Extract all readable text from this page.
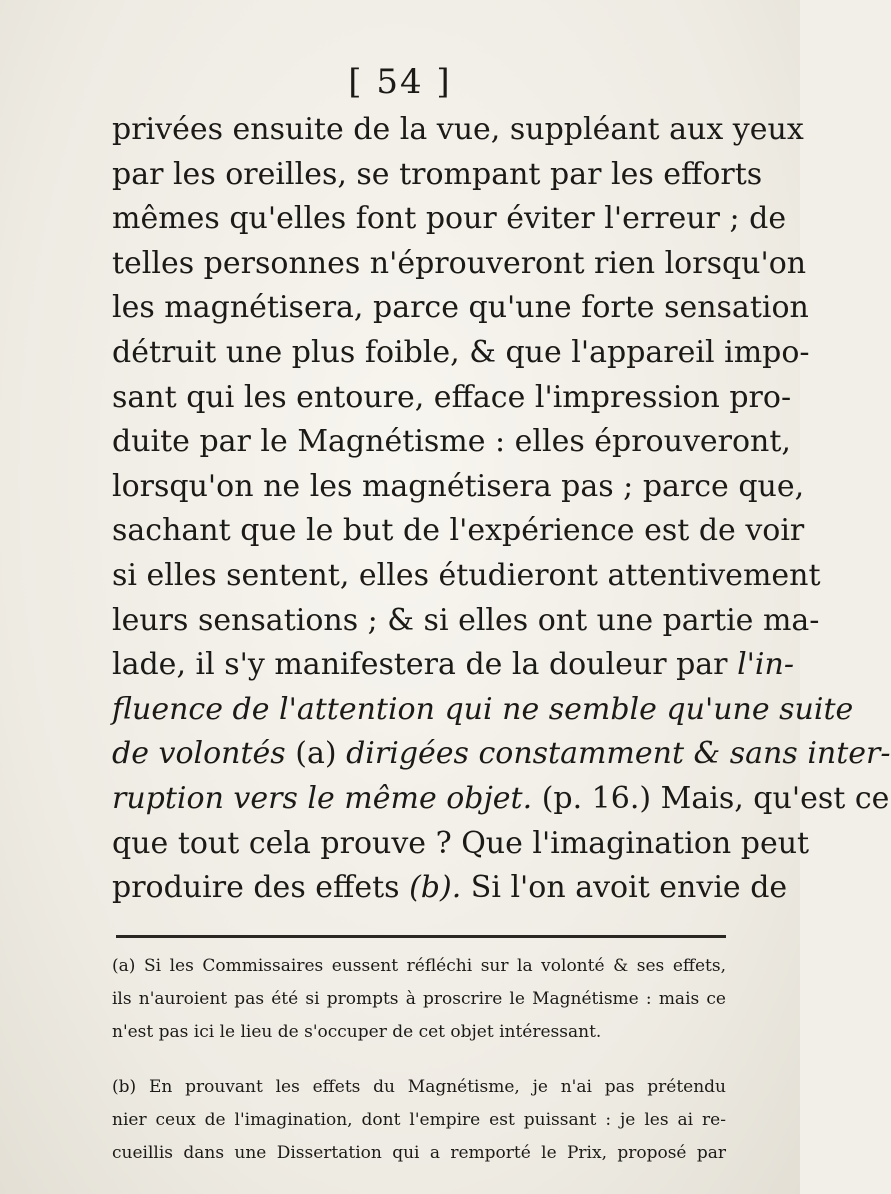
[ 54 ]
privées ensuite de la vue, suppléant aux yeux
par les oreilles, se trompant par les efforts
mêmes qu'elles font pour éviter l'erreur ; de
telles personnes n'éprouveront rien lorsqu'on
les magnétisera, parce qu'une forte sensation
détruit une plus foible, & que l'appareil impo-
sant qui les entoure, efface l'impression pro-
duite par le Magnétisme : elles éprouveront,
lorsqu'on ne les magnétisera pas ; parce que,
sachant que le but de l'expérience est de voir
si elles sentent, elles étudieront attentivement
leurs sensations ; & si elles ont une partie ma-
lade, il s'y manifestera de la douleur par l'in-
fluence de l'attention qui ne semble qu'une suite
de volontés (a) dirigées constamment & sans inter-
ruption vers le même objet. (p. 16.) Mais, qu'est ce
que tout cela prouve ? Que l'imagination peut
produire des effets (b). Si l'on avoit envie de
(a) Si les Commissaires eussent réfléchi sur la volonté & ses effets,
ils n'auroient pas été si prompts à proscrire le Magnétisme : mais ce
n'est pas ici le lieu de s'occuper de cet objet intéressant.
(b) En prouvant les effets du Magnétisme, je n'ai pas prétendu
nier ceux de l'imagination, dont l'empire est puissant : je les ai re-
cueillis dans une Dissertation qui a remporté le Prix, proposé par
